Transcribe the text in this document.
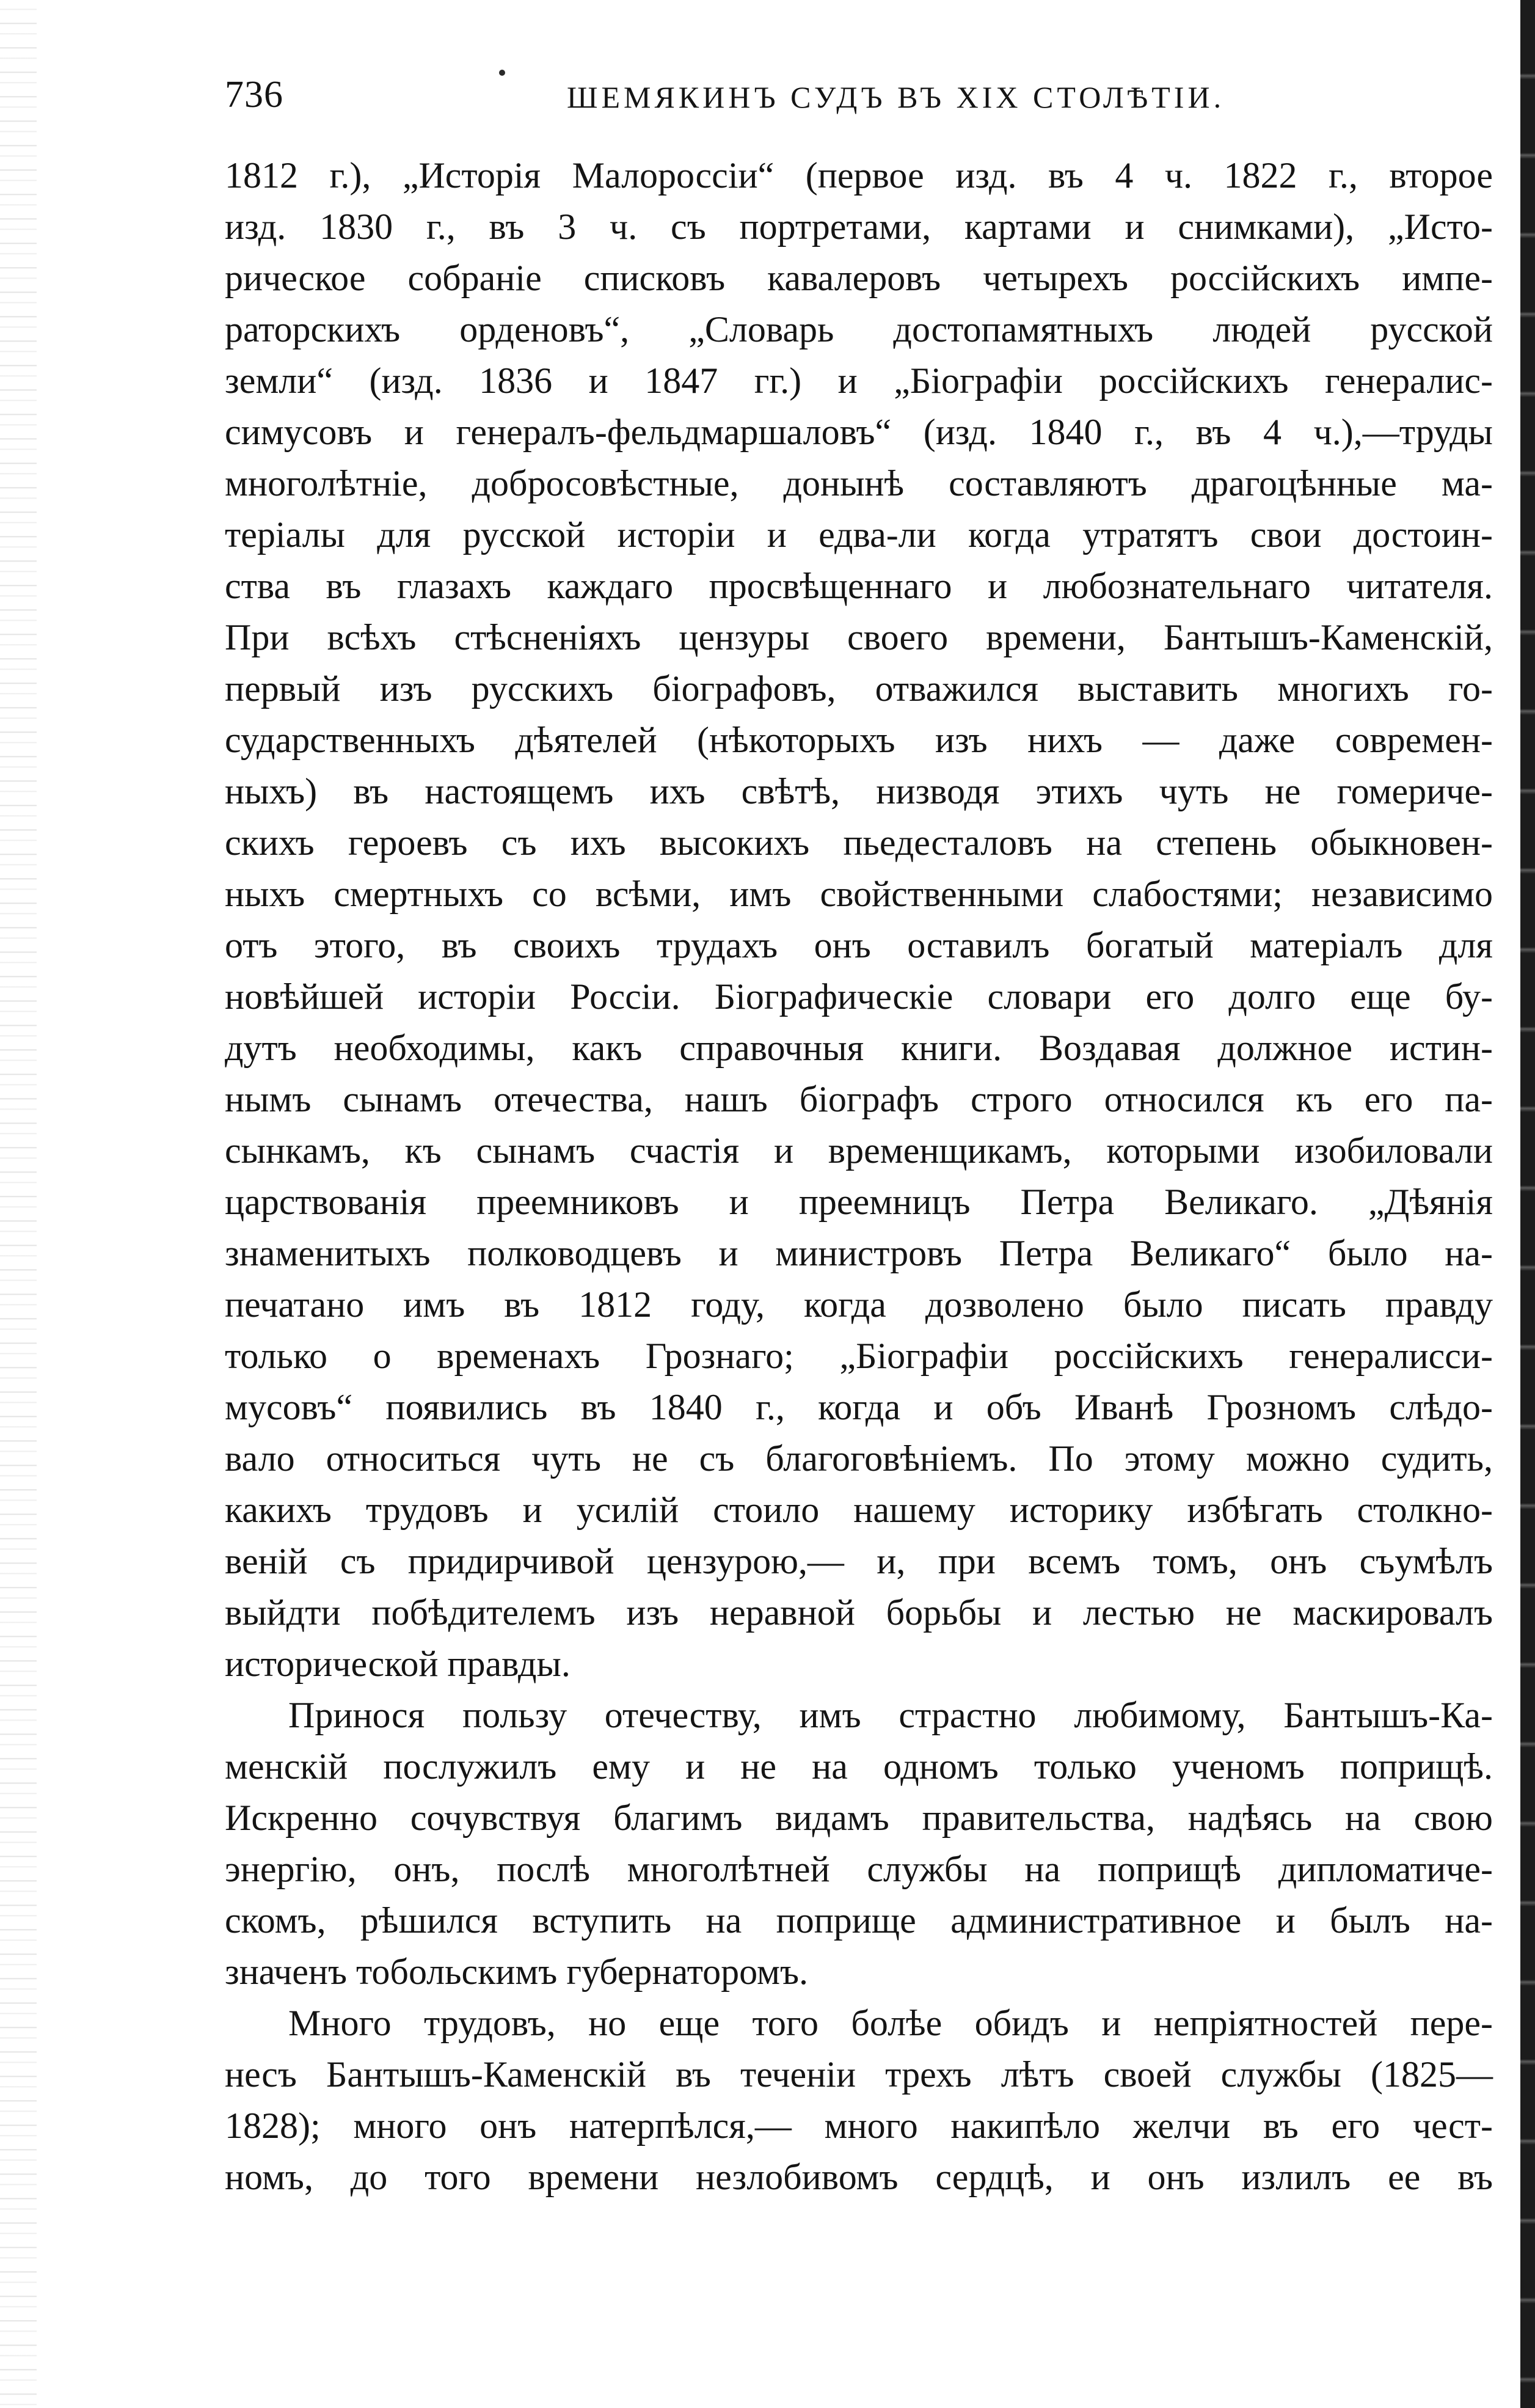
736	ШЕМЯКИНЪ СУДЪ ВЪ XIX СТОЛѢТІИ.
1812 г.), „Исторія Малороссіи“ (первое изд. въ 4 ч. 1822 г., второе
изд. 1830 г., въ 3 ч. съ портретами, картами и снимками), „Исто-
рическое собраніе списковъ кавалеровъ четырехъ россійскихъ импе-
раторскихъ орденовъ“, „Словарь достопамятныхъ людей русской
земли“ (изд. 1836 и 1847 гг.) и „Біографіи россійскихъ генералис-
симусовъ и генералъ-фельдмаршаловъ“ (изд. 1840 г., въ 4 ч.),—труды
многолѣтніе, добросовѣстные, донынѣ составляютъ драгоцѣнные ма-
теріалы для русской исторіи и едва-ли когда утратятъ свои достоин-
ства въ глазахъ каждаго просвѣщеннаго и любознательнаго читателя.
При всѣхъ стѣсненіяхъ цензуры своего времени, Бантышъ-Каменскій,
первый изъ русскихъ біографовъ, отважился выставить многихъ го-
сударственныхъ дѣятелей (нѣкоторыхъ изъ нихъ — даже современ-
ныхъ) въ настоящемъ ихъ свѣтѣ, низводя этихъ чуть не гомериче-
скихъ героевъ съ ихъ высокихъ пьедесталовъ на степень обыкновен-
ныхъ смертныхъ со всѣми, имъ свойственными слабостями; независимо
отъ этого, въ своихъ трудахъ онъ оставилъ богатый матеріалъ для
новѣйшей исторіи Россіи. Біографическіе словари его долго еще бу-
дутъ необходимы, какъ справочныя книги. Воздавая должное истин-
нымъ сынамъ отечества, нашъ біографъ строго относился къ его па-
сынкамъ, къ сынамъ счастія и временщикамъ, которыми изобиловали
царствованія преемниковъ и преемницъ Петра Великаго. „Дѣянія
знаменитыхъ полководцевъ и министровъ Петра Великаго“ было на-
печатано имъ въ 1812 году, когда дозволено было писать правду
только о временахъ Грознаго; „Біографіи россійскихъ генералисси-
мусовъ“ появились въ 1840 г., когда и объ Иванѣ Грозномъ слѣдо-
вало относиться чуть не съ благоговѣніемъ. По этому можно судить,
какихъ трудовъ и усилій стоило нашему историку избѣгать столкно-
веній съ придирчивой цензурою,— и, при всемъ томъ, онъ съумѣлъ
выйдти побѣдителемъ изъ неравной борьбы и лестью не маскировалъ
исторической правды.
Принося пользу отечеству, имъ страстно любимому, Бантышъ-Ка-
менскій послужилъ ему и не на одномъ только ученомъ поприщѣ.
Искренно сочувствуя благимъ видамъ правительства, надѣясь на свою
энергію, онъ, послѣ многолѣтней службы на поприщѣ дипломатиче-
скомъ, рѣшился вступить на поприще административное и былъ на-
значенъ тобольскимъ губернаторомъ.
Много трудовъ, но еще того болѣе обидъ и непріятностей пере-
несъ Бантышъ-Каменскій въ теченіи трехъ лѣтъ своей службы (1825—
1828); много онъ натерпѣлся,— много накипѣло желчи въ его чест-
номъ, до того времени незлобивомъ сердцѣ, и онъ излилъ ее въ
